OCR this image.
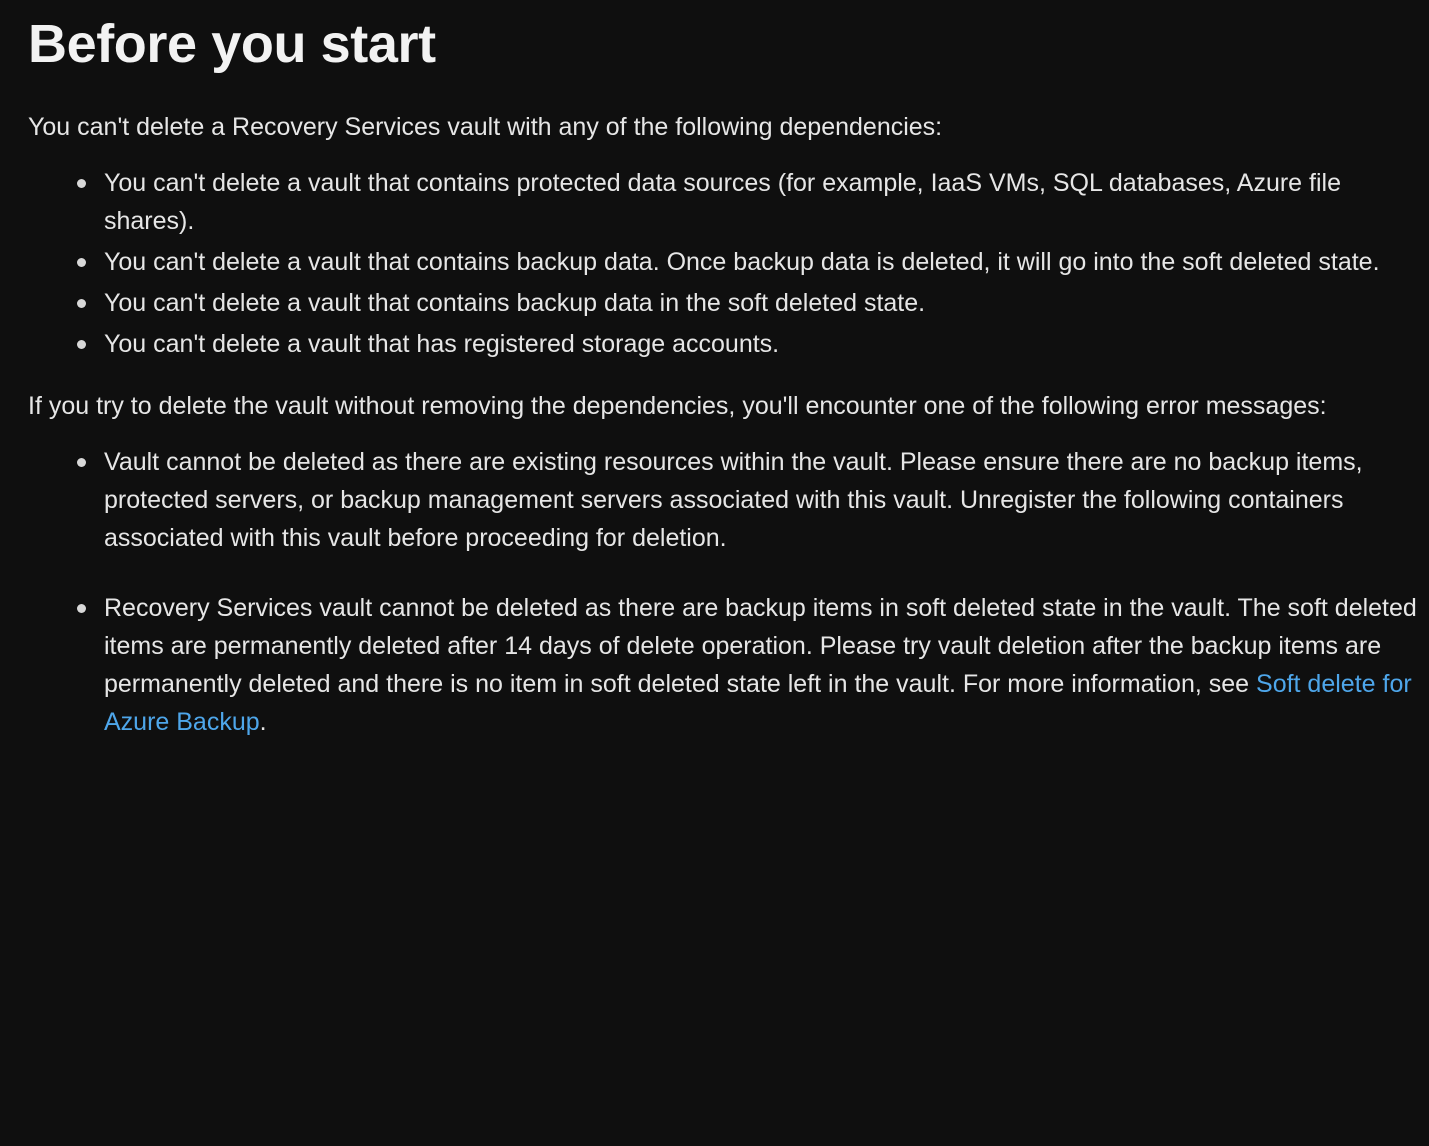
Before you start

You can't delete a Recovery Services vault with any of the following dependencies:

You can't delete a vault that contains protected data sources (for example, IaaS VMs, SQL databases, Azure file shares).
You can't delete a vault that contains backup data. Once backup data is deleted, it will go into the soft deleted state.
You can't delete a vault that contains backup data in the soft deleted state.
You can't delete a vault that has registered storage accounts.

If you try to delete the vault without removing the dependencies, you'll encounter one of the following error messages:

Vault cannot be deleted as there are existing resources within the vault. Please ensure there are no backup items, protected servers, or backup management servers associated with this vault. Unregister the following containers associated with this vault before proceeding for deletion.
Recovery Services vault cannot be deleted as there are backup items in soft deleted state in the vault. The soft deleted items are permanently deleted after 14 days of delete operation. Please try vault deletion after the backup items are permanently deleted and there is no item in soft deleted state left in the vault. For more information, see Soft delete for Azure Backup.
